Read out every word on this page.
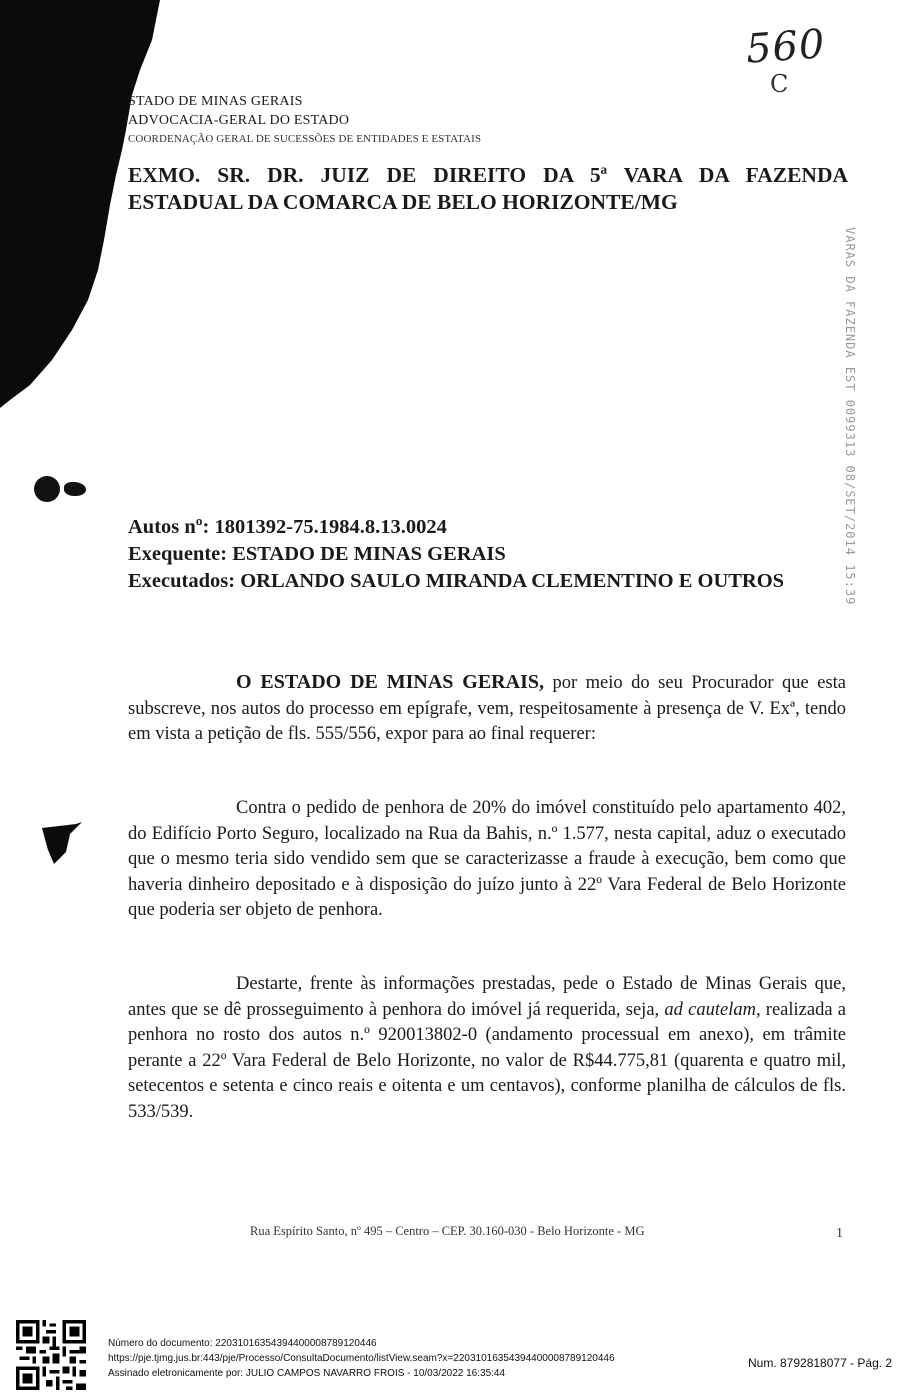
560
C
STADO DE MINAS GERAIS
ADVOCACIA-GERAL DO ESTADO
COORDENAÇÃO GERAL DE SUCESSÕES DE ENTIDADES E ESTATAIS
EXMO. SR. DR. JUIZ DE DIREITO DA 5ª VARA DA FAZENDA ESTADUAL DA COMARCA DE BELO HORIZONTE/MG
VARAS DA FAZENDA EST 0099313 08/SET/2014 15:39
Autos nº: 1801392-75.1984.8.13.0024
Exequente: ESTADO DE MINAS GERAIS
Executados: ORLANDO SAULO MIRANDA CLEMENTINO E OUTROS
O ESTADO DE MINAS GERAIS, por meio do seu Procurador que esta subscreve, nos autos do processo em epígrafe, vem, respeitosamente à presença de V. Exª, tendo em vista a petição de fls. 555/556, expor para ao final requerer:
Contra o pedido de penhora de 20% do imóvel constituído pelo apartamento 402, do Edifício Porto Seguro, localizado na Rua da Bahis, n.º 1.577, nesta capital, aduz o executado que o mesmo teria sido vendido sem que se caracterizasse a fraude à execução, bem como que haveria dinheiro depositado e à disposição do juízo junto à 22º Vara Federal de Belo Horizonte que poderia ser objeto de penhora.
Destarte, frente às informações prestadas, pede o Estado de Minas Gerais que, antes que se dê prosseguimento à penhora do imóvel já requerida, seja, ad cautelam, realizada a penhora no rosto dos autos n.º 920013802-0 (andamento processual em anexo), em trâmite perante a 22º Vara Federal de Belo Horizonte, no valor de R$44.775,81 (quarenta e quatro mil, setecentos e setenta e cinco reais e oitenta e um centavos), conforme planilha de cálculos de fls. 533/539.
Rua Espírito Santo, nº 495 – Centro – CEP. 30.160-030 - Belo Horizonte - MG	1
Número do documento: 22031016354394400008789120446
https://pje.tjmg.jus.br:443/pje/Processo/ConsultaDocumento/listView.seam?x=22031016354394400008789120446
Assinado eletronicamente por: JULIO CAMPOS NAVARRO FROIS - 10/03/2022 16:35:44
Num. 8792818077 - Pág. 2
